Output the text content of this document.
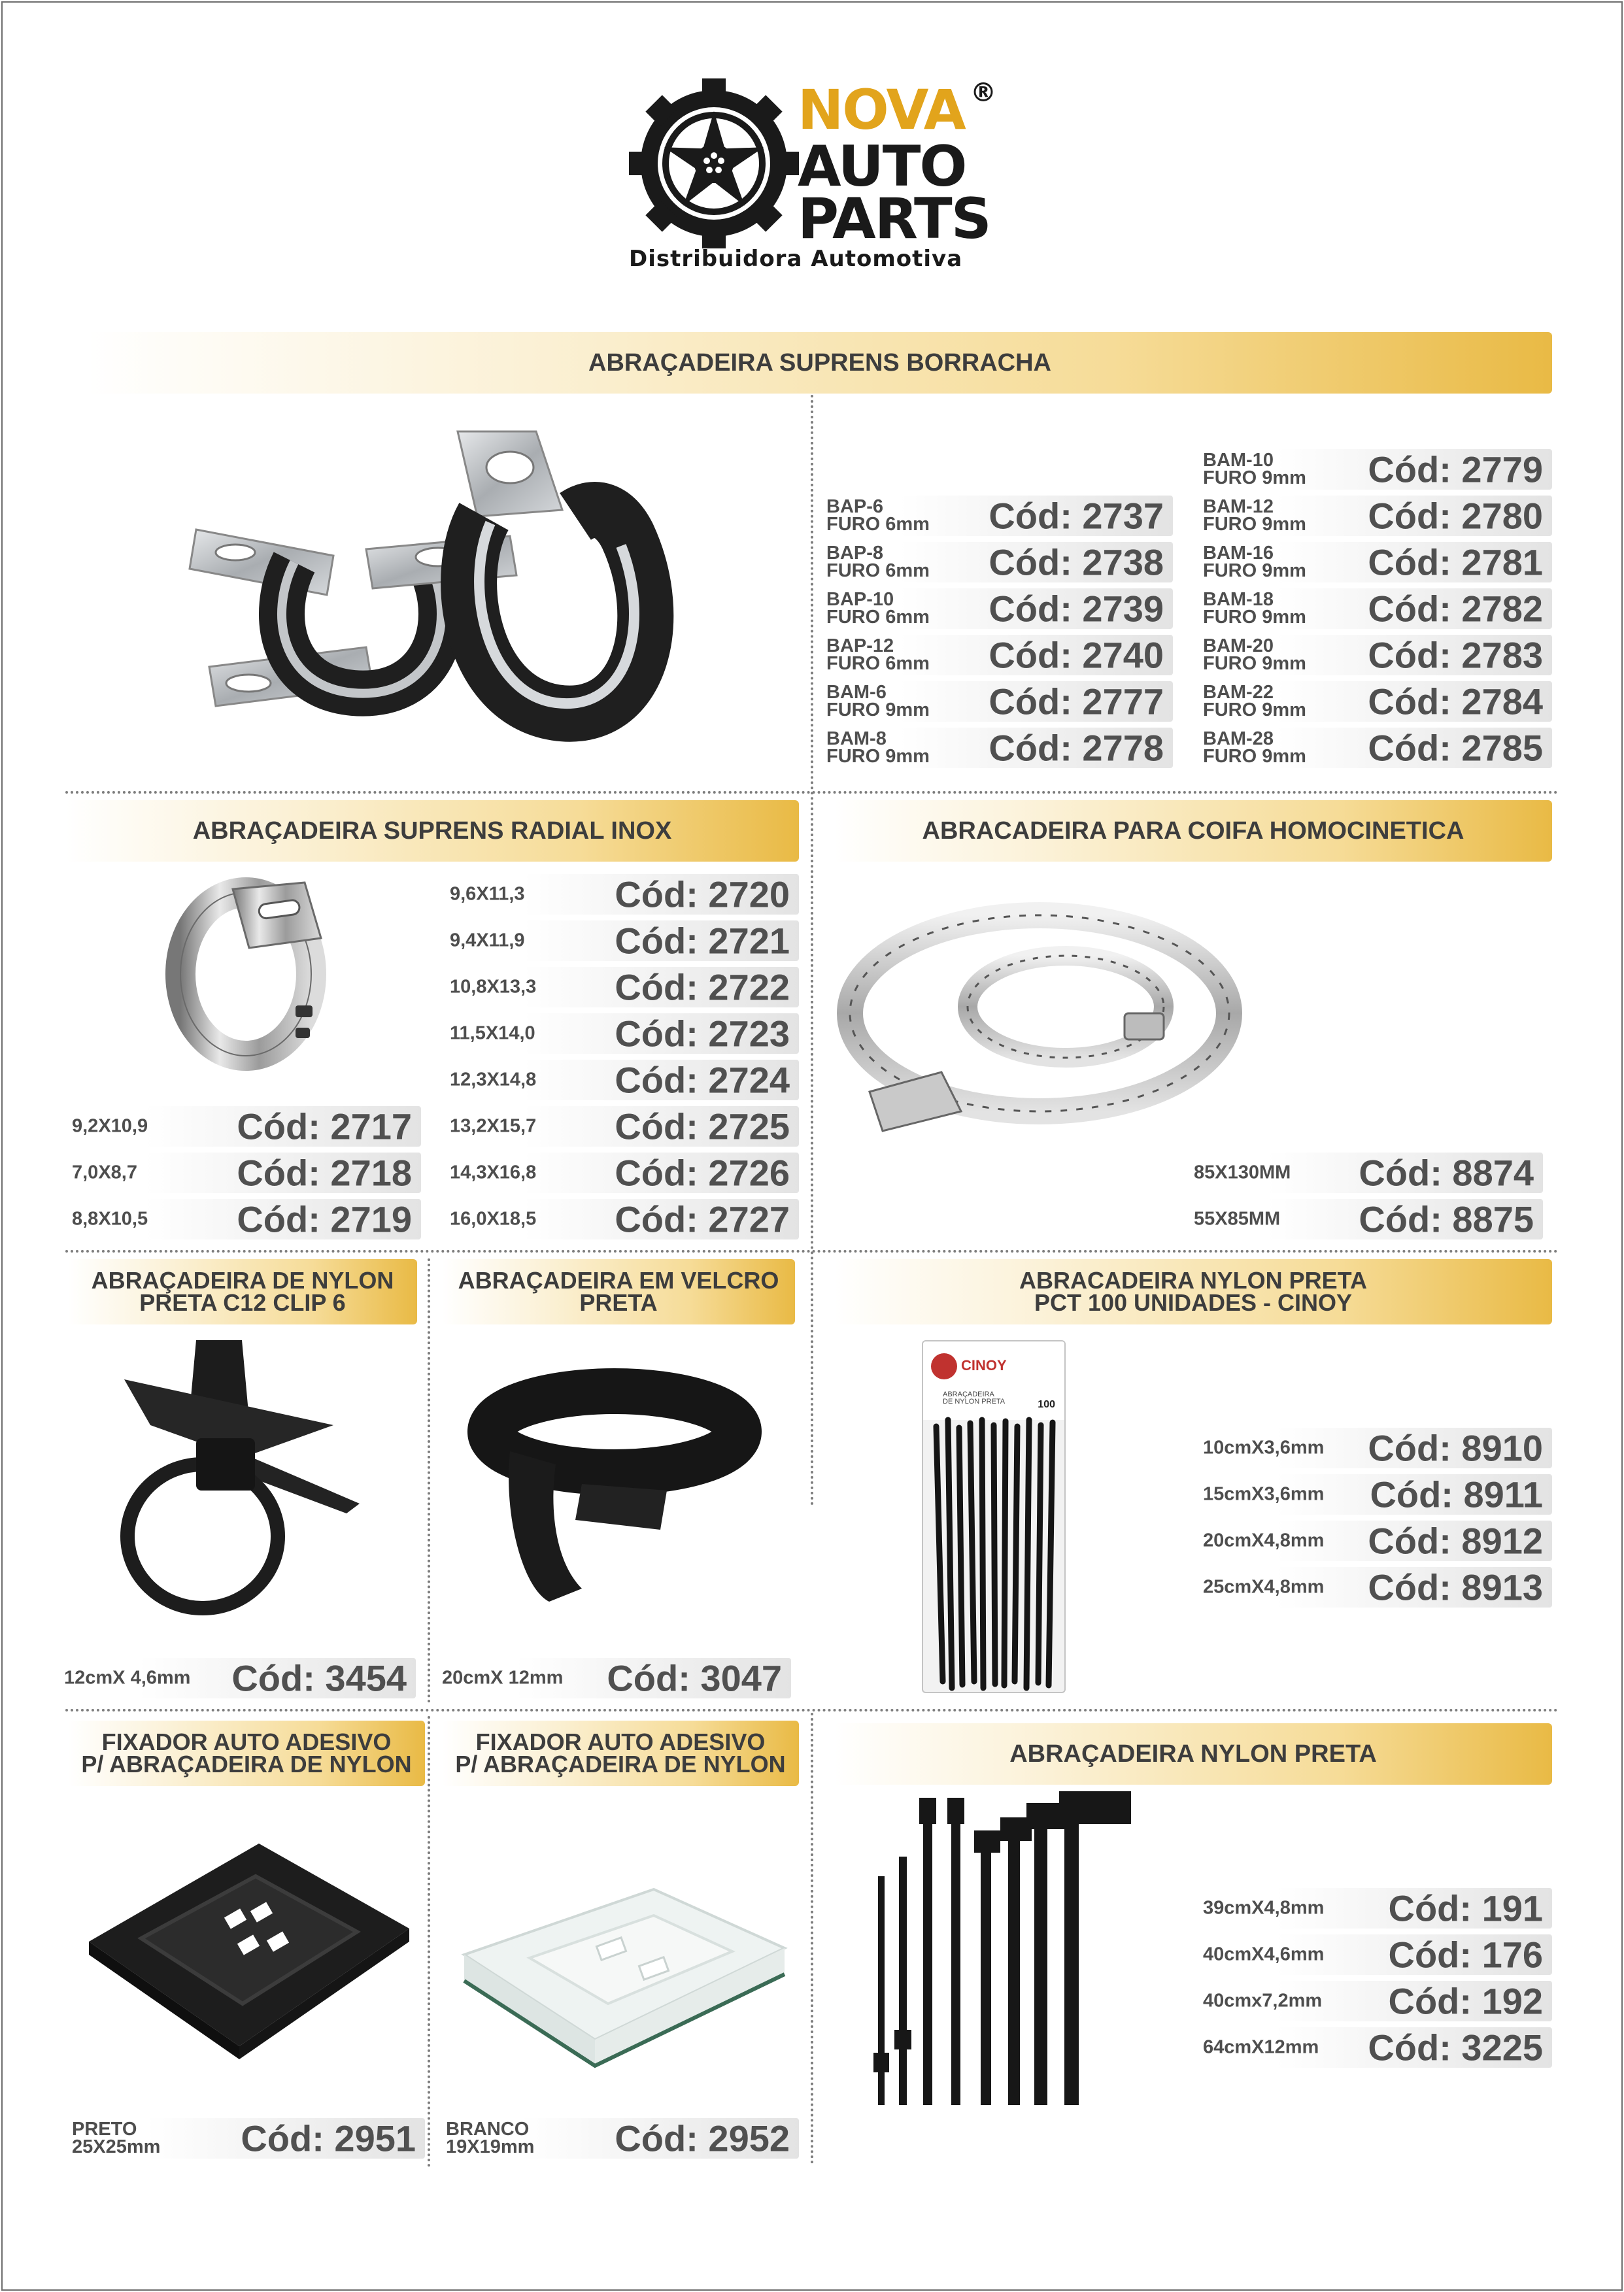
NOVA ®
AUTO
PARTS
Distribuidora Automotiva
ABRAÇADEIRA SUPRENS BORRACHA
BAP-6
FURO 6mm Cód: 2737
BAP-8
FURO 6mm Cód: 2738
BAP-10
FURO 6mm Cód: 2739
BAP-12
FURO 6mm Cód: 2740
BAM-6
FURO 9mm Cód: 2777
BAM-8
FURO 9mm Cód: 2778
BAM-10
FURO 9mm Cód: 2779
BAM-12
FURO 9mm Cód: 2780
BAM-16
FURO 9mm Cód: 2781
BAM-18
FURO 9mm Cód: 2782
BAM-20
FURO 9mm Cód: 2783
BAM-22
FURO 9mm Cód: 2784
BAM-28
FURO 9mm Cód: 2785
ABRAÇADEIRA SUPRENS RADIAL INOX
9,2X10,9 Cód: 2717
7,0X8,7	Cód: 2718
8,8X10,5 Cód: 2719
9,6X11,3 Cód: 2720
9,4X11,9 Cód: 2721
10,8X13,3 Cód: 2722
11,5X14,0 Cód: 2723
12,3X14,8 Cód: 2724
13,2X15,7 Cód: 2725
14,3X16,8 Cód: 2726
16,0X18,5 Cód: 2727
ABRACADEIRA PARA COIFA HOMOCINETICA
85X130MM Cód: 8874
55X85MM Cód: 8875
ABRAÇADEIRA DE NYLON
PRETA C12 CLIP 6
12cmX 4,6mm Cód: 3454
ABRAÇADEIRA EM VELCRO
PRETA
20cmX 12mm Cód: 3047
ABRACADEIRA NYLON PRETA
PCT 100 UNIDADES - CINOY
CINOY
ABRAÇADEIRA
DE NYLON PRETA	100
10cmX3,6mm Cód: 8910
15cmX3,6mm Cód: 8911
20cmX4,8mm Cód: 8912
25cmX4,8mm Cód: 8913
FIXADOR AUTO ADESIVO
P/ ABRAÇADEIRA DE NYLON
PRETO
25X25mm Cód: 2951
FIXADOR AUTO ADESIVO
P/ ABRAÇADEIRA DE NYLON
BRANCO
19X19mm Cód: 2952
ABRAÇADEIRA NYLON PRETA
39cmX4,8mm Cód: 191
40cmX4,6mm Cód: 176
40cmx7,2mm Cód: 192
64cmX12mm Cód: 3225
